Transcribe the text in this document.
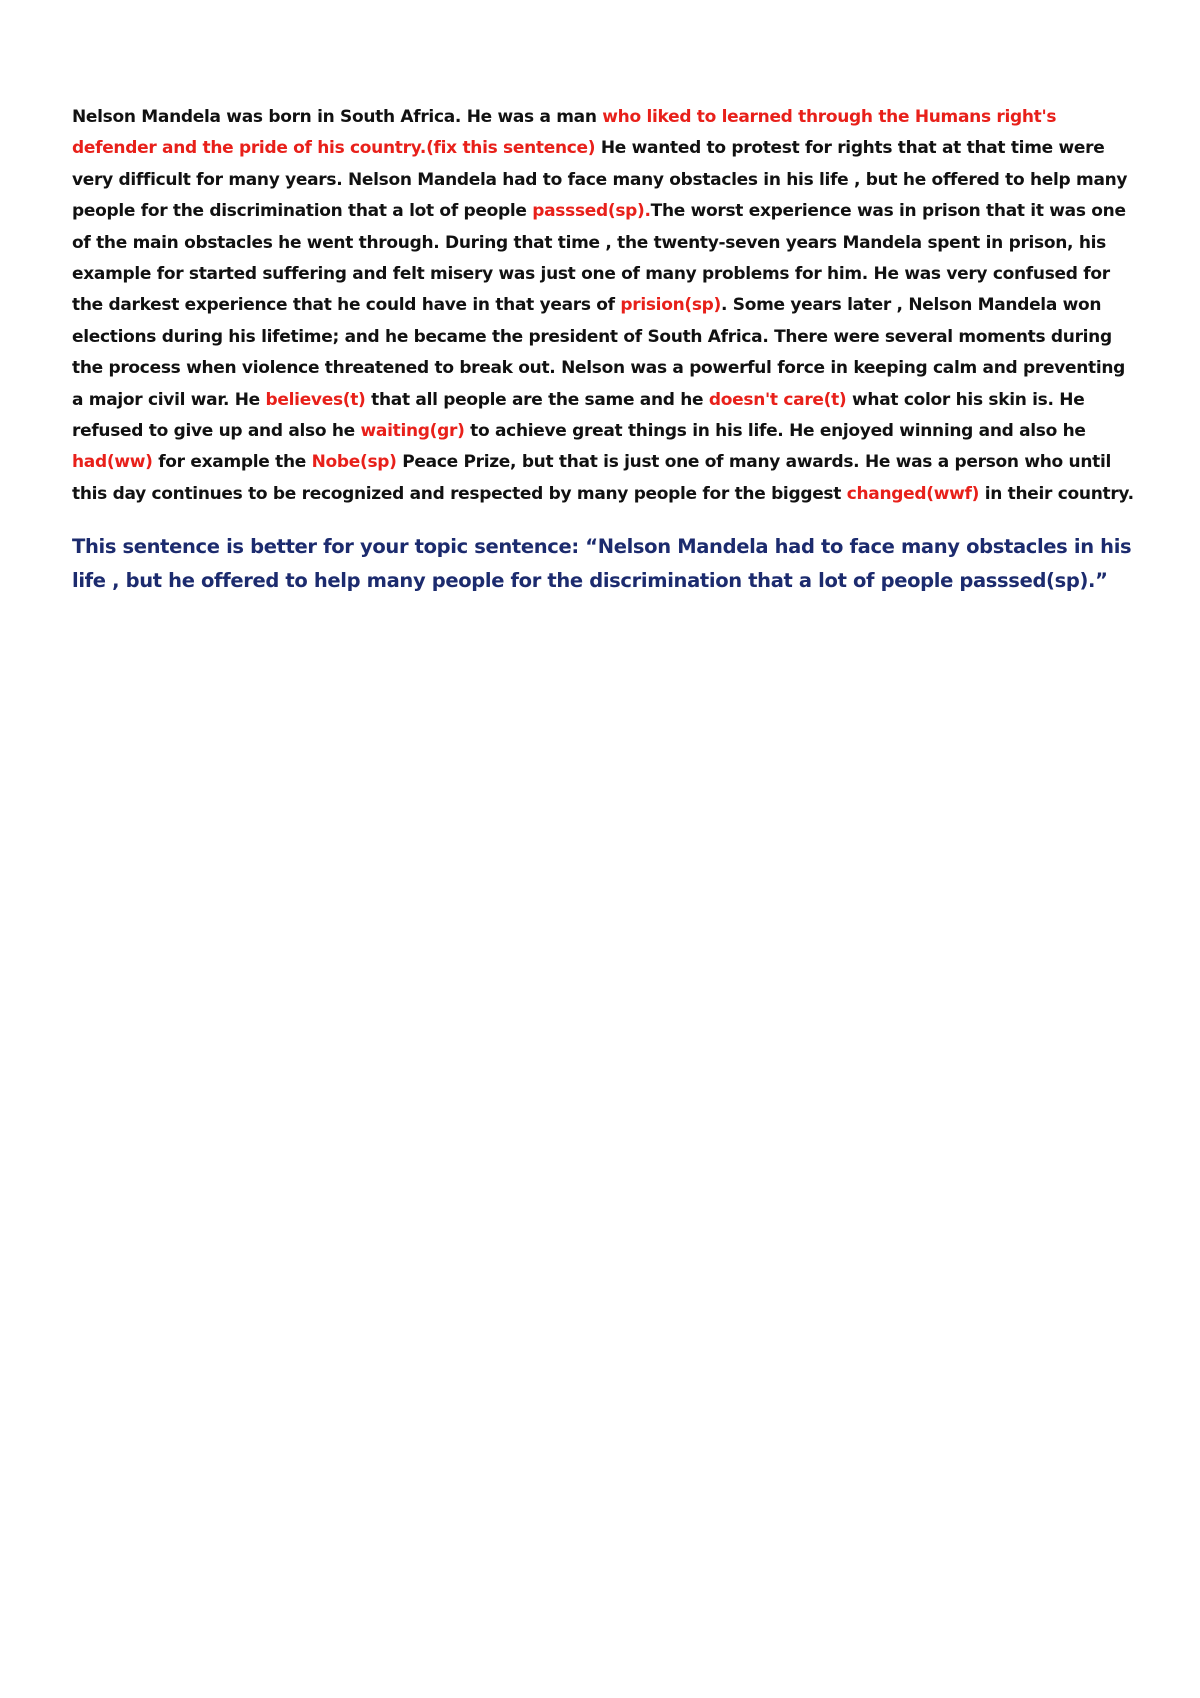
Nelson Mandela was born in South Africa. He was a man who liked to learned through the Humans right's defender and the pride of his country.(fix this sentence) He wanted to protest for rights that at that time were very difficult for many years. Nelson Mandela had to face many obstacles in his life , but he offered to help many people for the discrimination that a lot of people passsed(sp).The worst experience was in prison that it was one of the main obstacles he went through. During that time , the twenty-seven years Mandela spent in prison, his example for started suffering and felt misery was just one of many problems for him. He was very confused for the darkest experience that he could have in that years of prision(sp). Some years later , Nelson Mandela won elections during his lifetime; and he became the president of South Africa. There were several moments during the process when violence threatened to break out. Nelson was a powerful force in keeping calm and preventing a major civil war. He believes(t) that all people are the same and he doesn't care(t) what color his skin is. He refused to give up and also he waiting(gr) to achieve great things in his life. He enjoyed winning and also he had(ww) for example the Nobe(sp) Peace Prize, but that is just one of many awards. He was a person who until this day continues to be recognized and respected by many people for the biggest changed(wwf) in their country.

This sentence is better for your topic sentence: “Nelson Mandela had to face many obstacles in his life , but he offered to help many people for the discrimination that a lot of people passsed(sp).”
